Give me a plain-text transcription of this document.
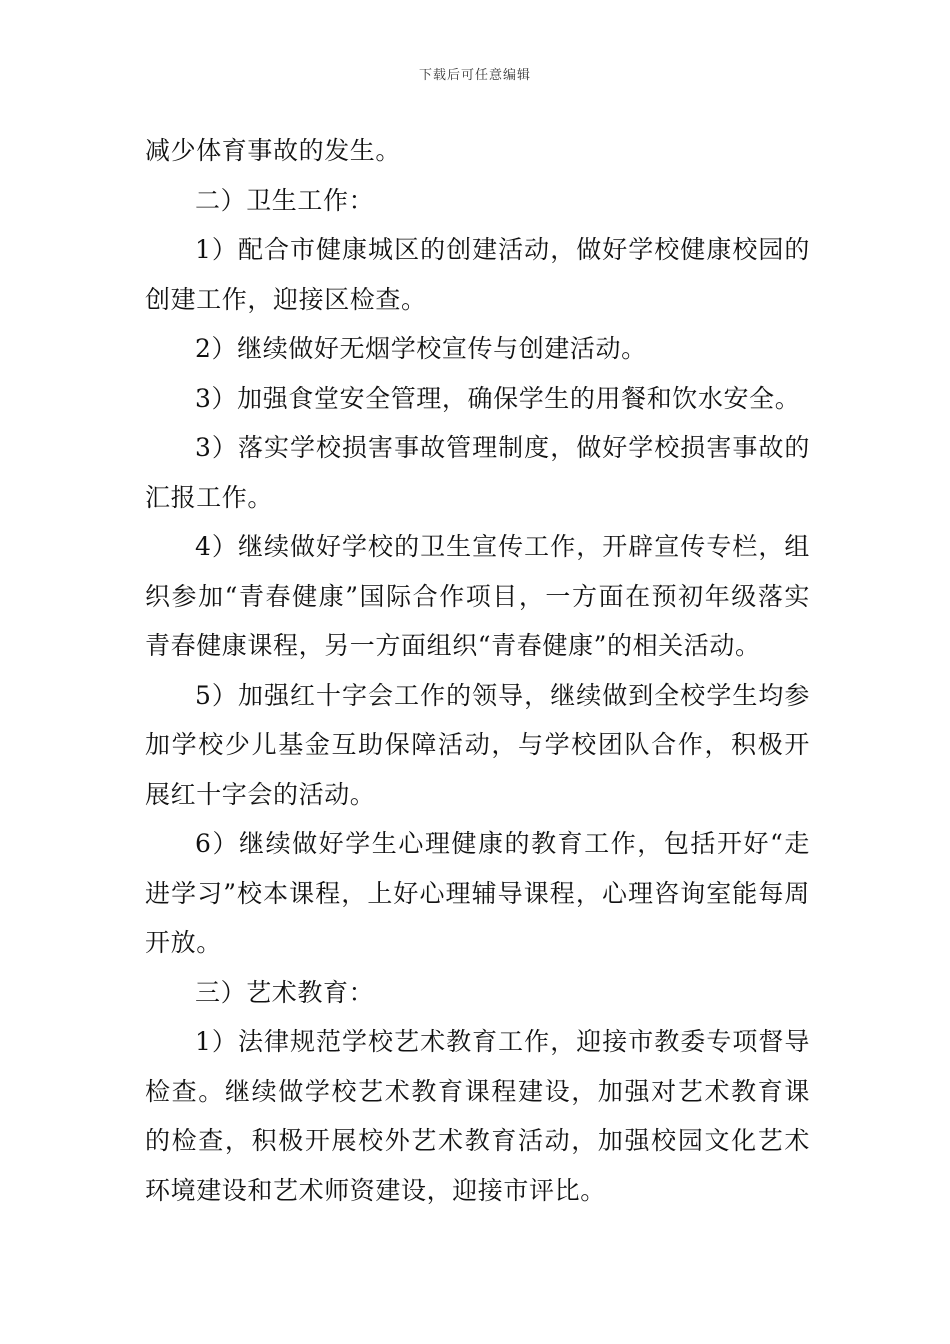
下载后可任意编辑

减少体育事故的发生。

二）卫生工作：

1）配合市健康城区的创建活动，做好学校健康校园的创建工作，迎接区检查。

2）继续做好无烟学校宣传与创建活动。

3）加强食堂安全管理，确保学生的用餐和饮水安全。

3）落实学校损害事故管理制度，做好学校损害事故的汇报工作。

4）继续做好学校的卫生宣传工作，开辟宣传专栏，组织参加“青春健康”国际合作项目，一方面在预初年级落实青春健康课程，另一方面组织“青春健康”的相关活动。

5）加强红十字会工作的领导，继续做到全校学生均参加学校少儿基金互助保障活动，与学校团队合作，积极开展红十字会的活动。

6）继续做好学生心理健康的教育工作，包括开好“走进学习”校本课程，上好心理辅导课程，心理咨询室能每周开放。

三）艺术教育：

1）法律规范学校艺术教育工作，迎接市教委专项督导检查。继续做学校艺术教育课程建设，加强对艺术教育课的检查，积极开展校外艺术教育活动，加强校园文化艺术环境建设和艺术师资建设，迎接市评比。
